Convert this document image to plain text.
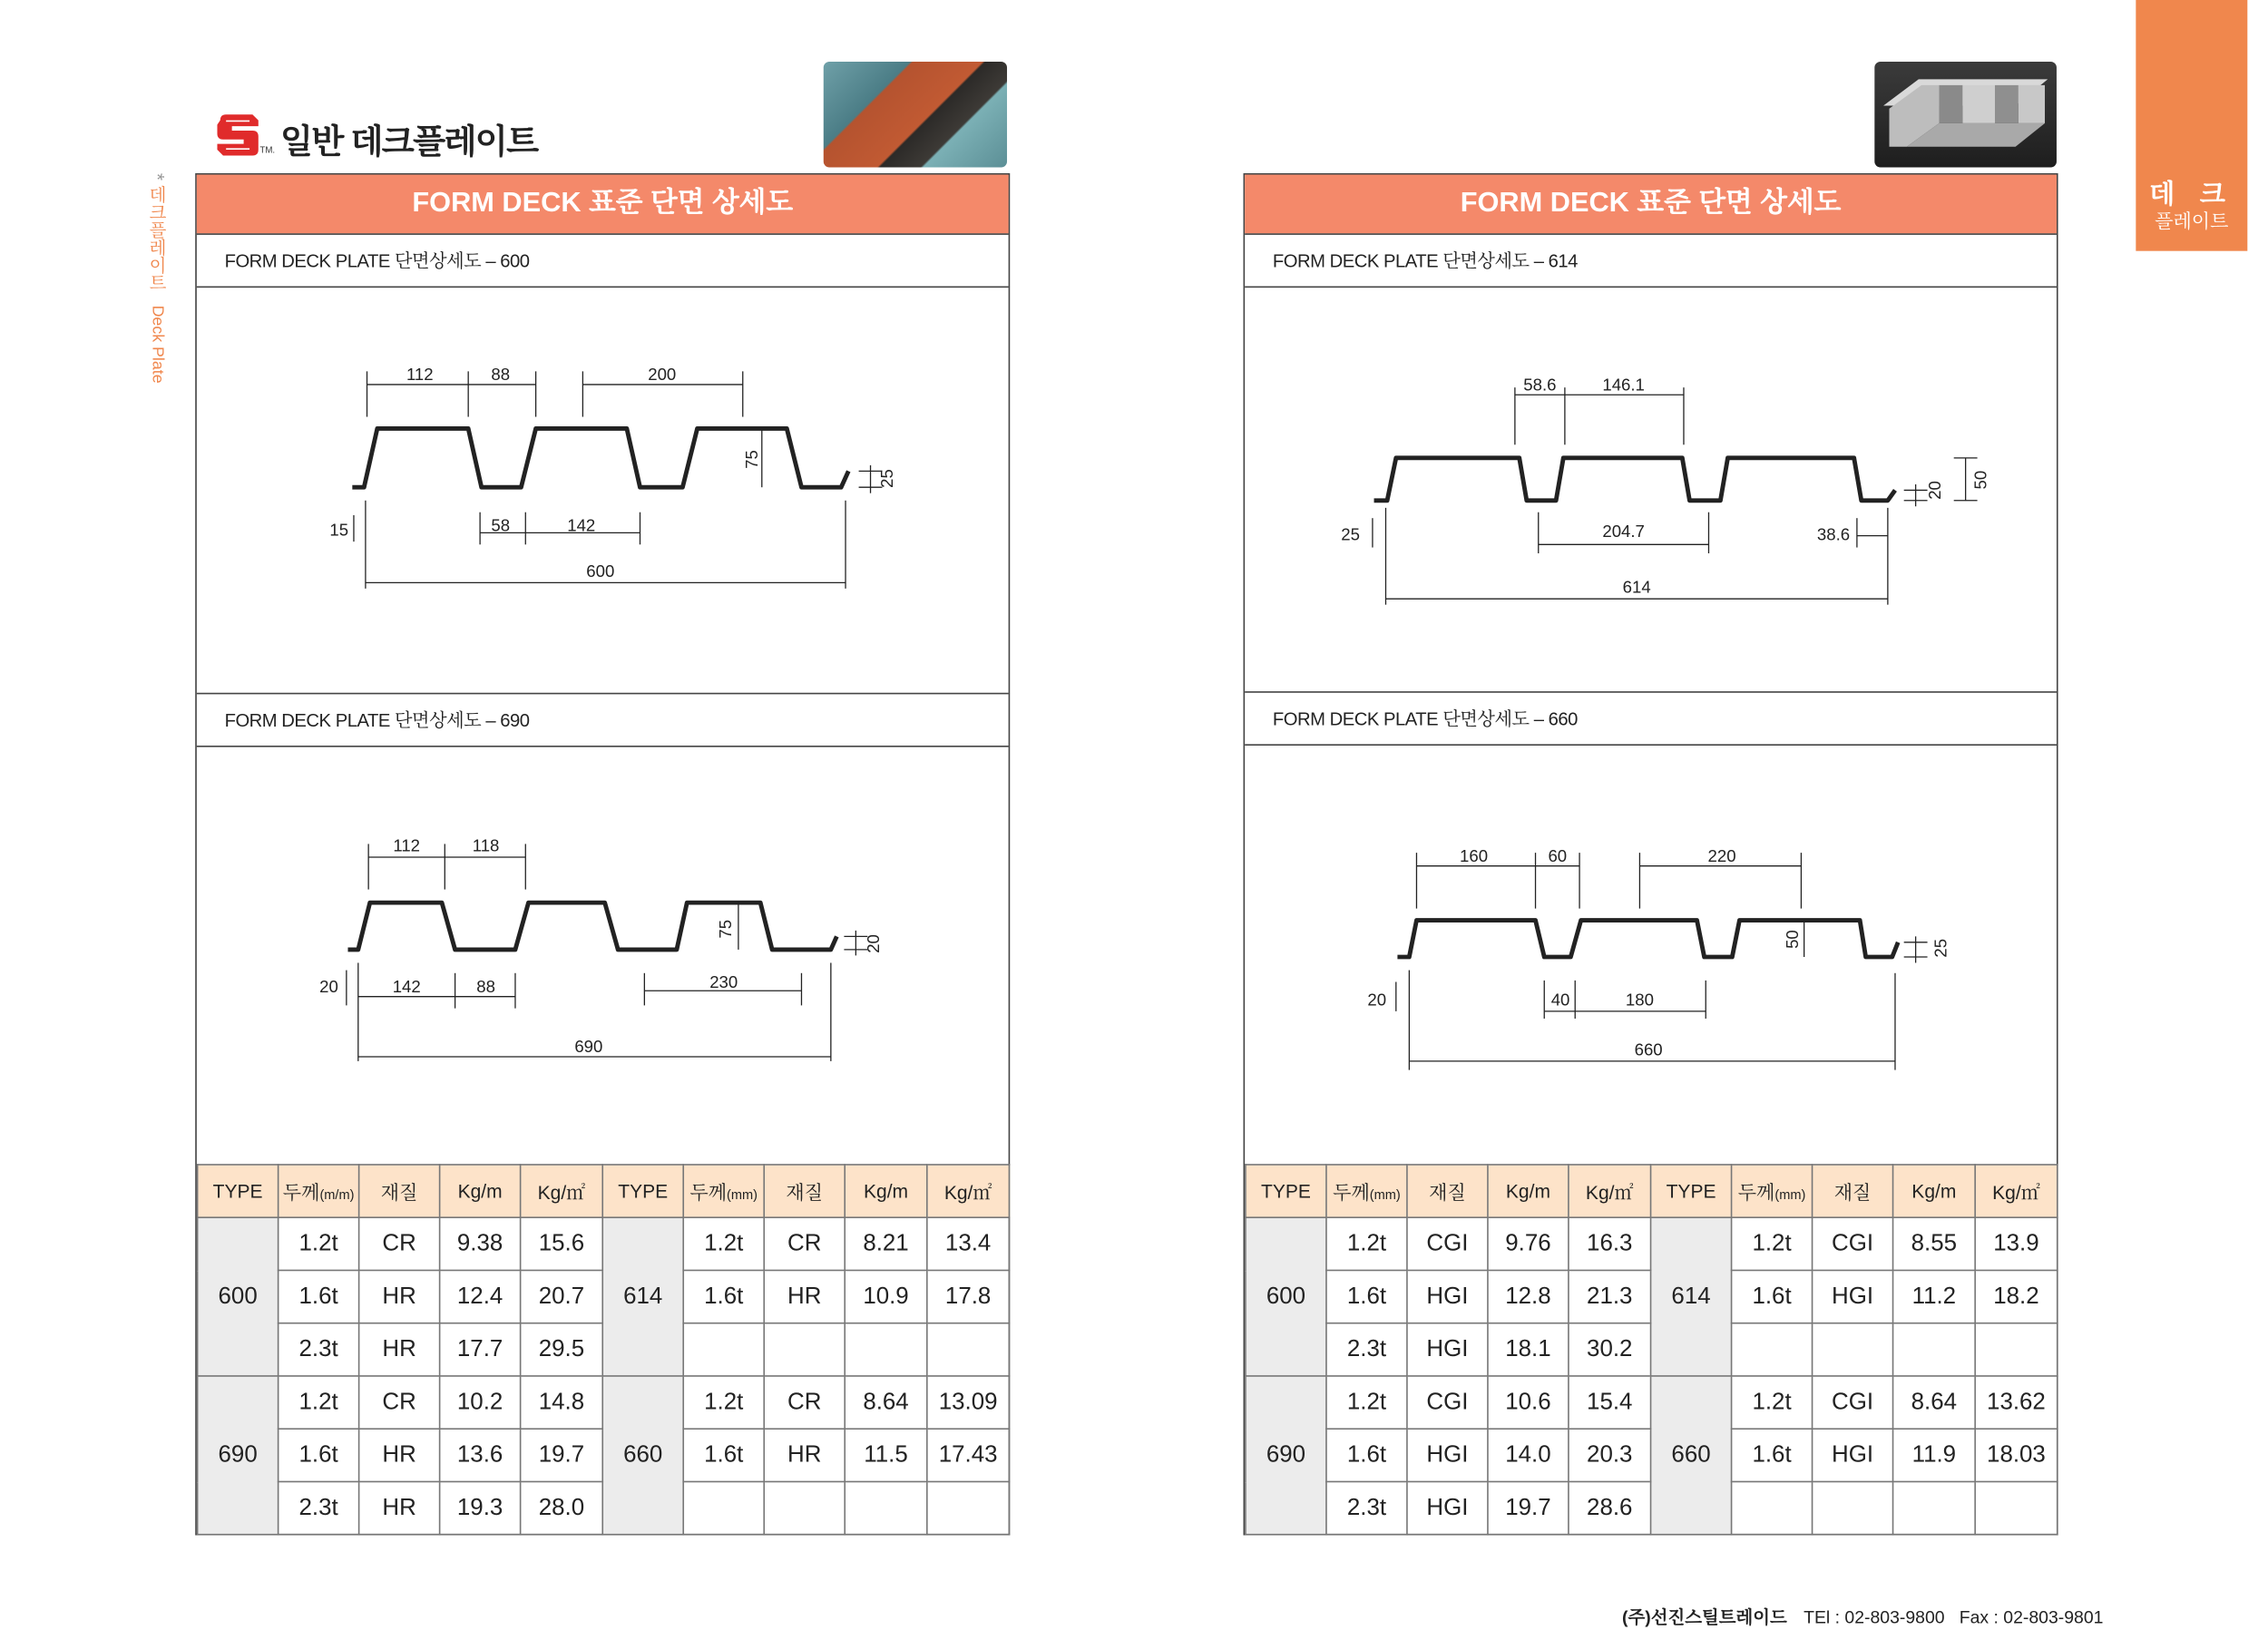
TM. 일반 데크플레이트
* 데크플레이트 Deck Plate
데 크
플레이트
FORM DECK 표준 단면 상세도
FORM DECK PLATE 단면상세도 – 600
112	88	200
75
25
15	58	142
600
FORM DECK PLATE 단면상세도 – 690
112	118
75
20
20	142	88	230
690
TYPE	두께(m/m)	재질	Kg/m	Kg/㎡	TYPE	두께(mm)	재질	Kg/m	Kg/㎡
600	1.2t	CR	9.38	15.6	614	1.2t	CR	8.21	13.4
	1.6t	HR	12.4	20.7		1.6t	HR	10.9	17.8
	2.3t	HR	17.7	29.5					
690	1.2t	CR	10.2	14.8	660	1.2t	CR	8.64	13.09
	1.6t	HR	13.6	19.7		1.6t	HR	11.5	17.43
	2.3t	HR	19.3	28.0					
FORM DECK 표준 단면 상세도
FORM DECK PLATE 단면상세도 – 614
58.6	146.1
20
50
25	204.7	38.6
614
FORM DECK PLATE 단면상세도 – 660
160	60	220
50	25
20	40	180
660
TYPE	두께(mm)	재질	Kg/m	Kg/㎡	TYPE	두께(mm)	재질	Kg/m	Kg/㎡
600	1.2t	CGI	9.76	16.3	614	1.2t	CGI	8.55	13.9
	1.6t	HGI	12.8	21.3		1.6t	HGI	11.2	18.2
	2.3t	HGI	18.1	30.2					
690	1.2t	CGI	10.6	15.4	660	1.2t	CGI	8.64	13.62
	1.6t	HGI	14.0	20.3		1.6t	HGI	11.9	18.03
	2.3t	HGI	19.7	28.6					
(주)선진스틸트레이드 TEl : 02-803-9800 Fax : 02-803-9801
